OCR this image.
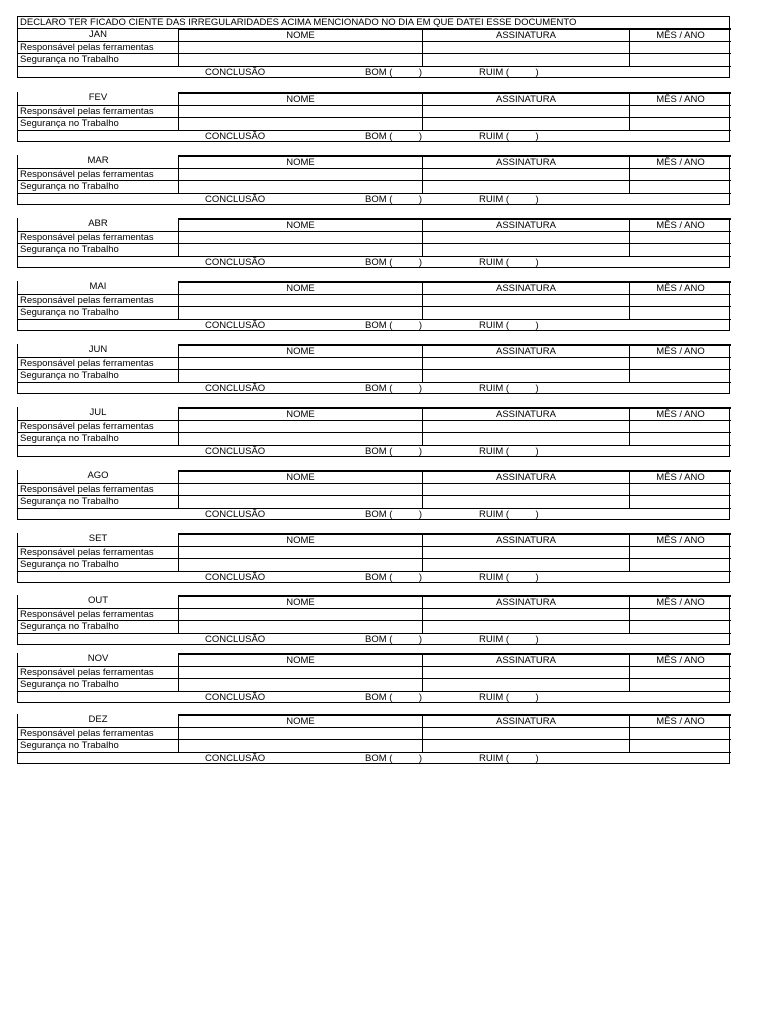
DECLARO TER FICADO CIENTE DAS IRREGULARIDADES ACIMA MENCIONADO NO DIA EM QUE DATEI ESSE DOCUMENTO
JAN	NOME	ASSINATURA	MÊS / ANO
Responsável pelas ferramentas
Segurança no Trabalho
CONCLUSÃO	BOM (          )	RUIM (          )
FEV	NOME	ASSINATURA	MÊS / ANO
Responsável pelas ferramentas
Segurança no Trabalho
CONCLUSÃO	BOM (          )	RUIM (          )
MAR	NOME	ASSINATURA	MÊS / ANO
Responsável pelas ferramentas
Segurança no Trabalho
CONCLUSÃO	BOM (          )	RUIM (          )
ABR	NOME	ASSINATURA	MÊS / ANO
Responsável pelas ferramentas
Segurança no Trabalho
CONCLUSÃO	BOM (          )	RUIM (          )
MAI	NOME	ASSINATURA	MÊS / ANO
Responsável pelas ferramentas
Segurança no Trabalho
CONCLUSÃO	BOM (          )	RUIM (          )
JUN	NOME	ASSINATURA	MÊS / ANO
Responsável pelas ferramentas
Segurança no Trabalho
CONCLUSÃO	BOM (          )	RUIM (          )
JUL	NOME	ASSINATURA	MÊS / ANO
Responsável pelas ferramentas
Segurança no Trabalho
CONCLUSÃO	BOM (          )	RUIM (          )
AGO	NOME	ASSINATURA	MÊS / ANO
Responsável pelas ferramentas
Segurança no Trabalho
CONCLUSÃO	BOM (          )	RUIM (          )
SET	NOME	ASSINATURA	MÊS / ANO
Responsável pelas ferramentas
Segurança no Trabalho
CONCLUSÃO	BOM (          )	RUIM (          )
OUT	NOME	ASSINATURA	MÊS / ANO
Responsável pelas ferramentas
Segurança no Trabalho
CONCLUSÃO	BOM (          )	RUIM (          )
NOV	NOME	ASSINATURA	MÊS / ANO
Responsável pelas ferramentas
Segurança no Trabalho
CONCLUSÃO	BOM (          )	RUIM (          )
DEZ	NOME	ASSINATURA	MÊS / ANO
Responsável pelas ferramentas
Segurança no Trabalho
CONCLUSÃO	BOM (          )	RUIM (          )
